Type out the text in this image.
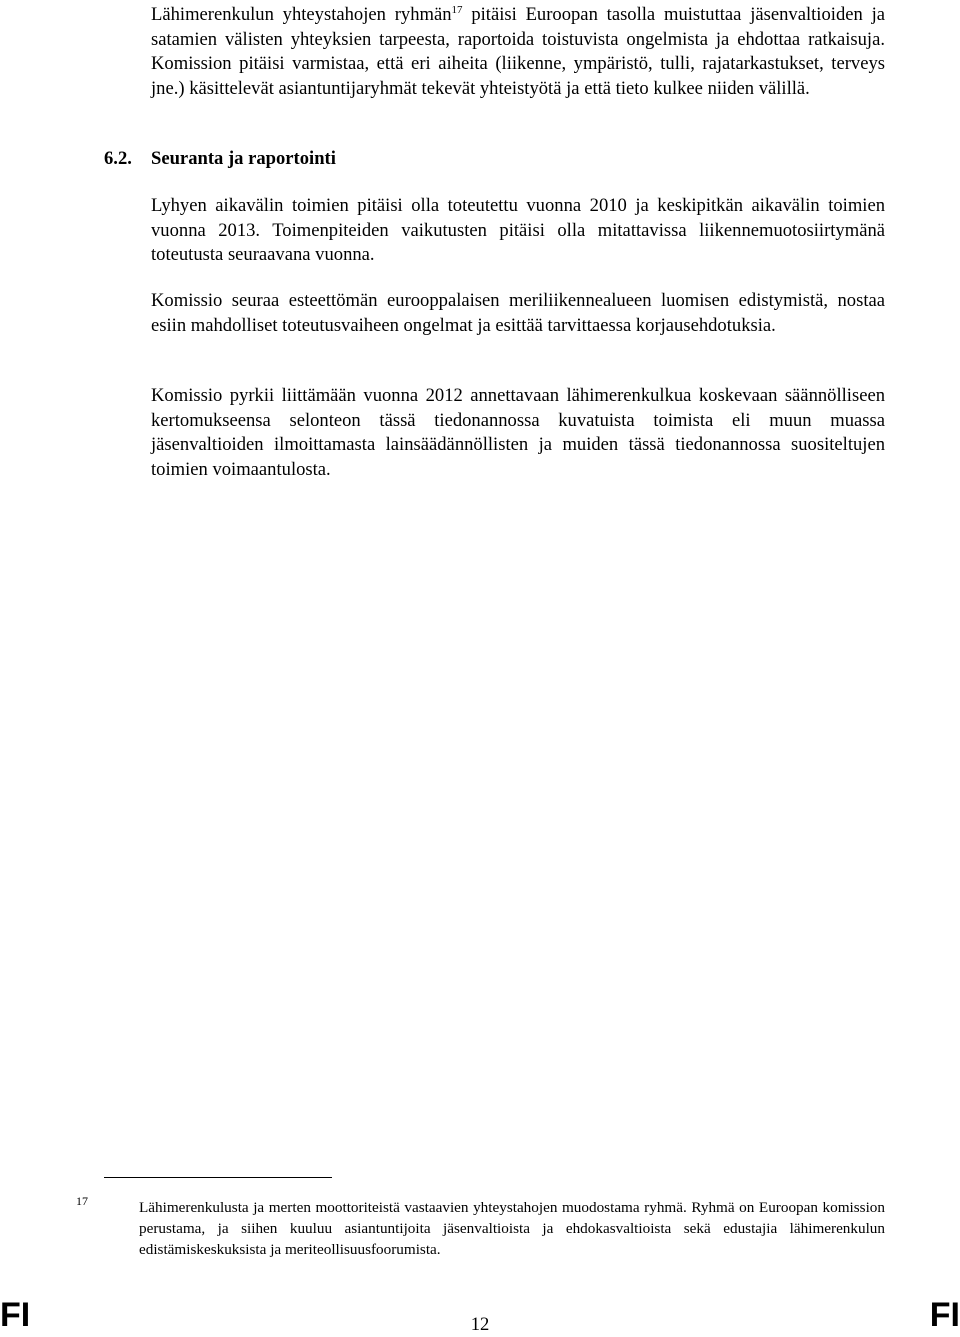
Lähimerenkulun yhteystahojen ryhmän$^{17}$ pitäisi Euroopan tasolla muistuttaa jäsenvaltioiden ja satamien välisten yhteyksien tarpeesta, raportoida toistuvista ongelmista ja ehdottaa ratkaisuja. Komission pitäisi varmistaa, että eri aiheita (liikenne, ympäristö, tulli, rajatarkastukset, terveys jne.) käsittelevät asiantuntijaryhmät tekevät yhteistyötä ja että tieto kulkee niiden välillä.

6.2. Seuranta ja raportointi

Lyhyen aikavälin toimien pitäisi olla toteutettu vuonna 2010 ja keskipitkän aikavälin toimien vuonna 2013. Toimenpiteiden vaikutusten pitäisi olla mitattavissa liikennemuotosiirtymänä toteutusta seuraavana vuonna.

Komissio seuraa esteettömän eurooppalaisen meriliikennealueen luomisen edistymistä, nostaa esiin mahdolliset toteutusvaiheen ongelmat ja esittää tarvittaessa korjausehdotuksia.

Komissio pyrkii liittämään vuonna 2012 annettavaan lähimerenkulkua koskevaan säännölliseen kertomukseensa selonteon tässä tiedonannossa kuvatuista toimista eli muun muassa jäsenvaltioiden ilmoittamasta lainsäädännöllisten ja muiden tässä tiedonannossa suositeltujen toimien voimaantulosta.

17	Lähimerenkulusta ja merten moottoriteistä vastaavien yhteystahojen muodostama ryhmä. Ryhmä on Euroopan komission perustama, ja siihen kuuluu asiantuntijoita jäsenvaltioista ja ehdokasvaltioista sekä edustajia lähimerenkulun edistämiskeskuksista ja meriteollisuusfoorumista.

FI	12	FI
